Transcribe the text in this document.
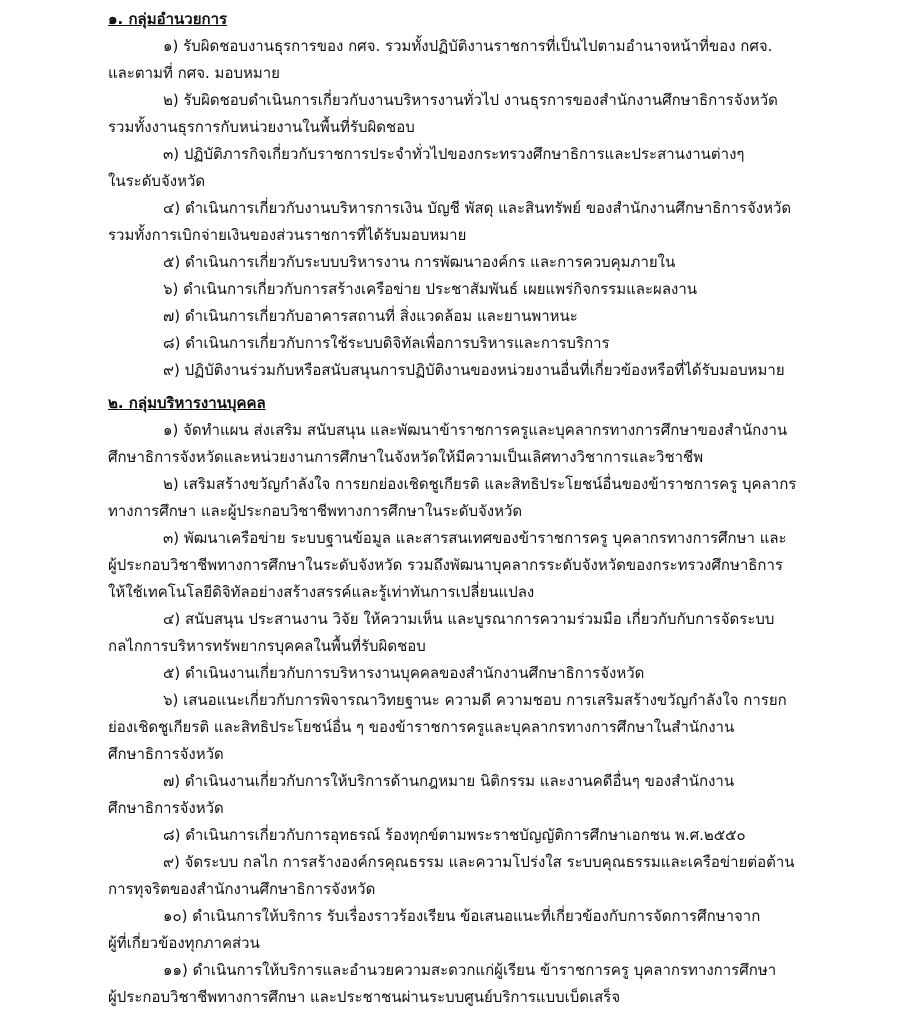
๑. กลุ่มอำนวยการ

๑) รับผิดชอบงานธุรการของ กศจ. รวมทั้งปฏิบัติงานราชการที่เป็นไปตามอำนาจหน้าที่ของ กศจ.
และตามที่ กศจ. มอบหมาย

๒) รับผิดชอบดำเนินการเกี่ยวกับงานบริหารงานทั่วไป งานธุรการของสำนักงานศึกษาธิการจังหวัด
รวมทั้งงานธุรการกับหน่วยงานในพื้นที่รับผิดชอบ

๓) ปฏิบัติภารกิจเกี่ยวกับราชการประจำทั่วไปของกระทรวงศึกษาธิการและประสานงานต่างๆ
ในระดับจังหวัด

๔) ดำเนินการเกี่ยวกับงานบริหารการเงิน บัญชี พัสดุ และสินทรัพย์ ของสำนักงานศึกษาธิการจังหวัด
รวมทั้งการเบิกจ่ายเงินของส่วนราชการที่ได้รับมอบหมาย

๕) ดำเนินการเกี่ยวกับระบบบริหารงาน การพัฒนาองค์กร และการควบคุมภายใน

๖) ดำเนินการเกี่ยวกับการสร้างเครือข่าย ประชาสัมพันธ์ เผยแพร่กิจกรรมและผลงาน

๗) ดำเนินการเกี่ยวกับอาคารสถานที่ สิ่งแวดล้อม และยานพาหนะ

๘) ดำเนินการเกี่ยวกับการใช้ระบบดิจิทัลเพื่อการบริหารและการบริการ

๙) ปฏิบัติงานร่วมกับหรือสนับสนุนการปฏิบัติงานของหน่วยงานอื่นที่เกี่ยวข้องหรือที่ได้รับมอบหมาย

๒. กลุ่มบริหารงานบุคคล

๑) จัดทำแผน ส่งเสริม สนับสนุน และพัฒนาข้าราชการครูและบุคลากรทางการศึกษาของสำนักงาน
ศึกษาธิการจังหวัดและหน่วยงานการศึกษาในจังหวัดให้มีความเป็นเลิศทางวิชาการและวิชาชีพ

๒) เสริมสร้างขวัญกำลังใจ การยกย่องเชิดชูเกียรติ และสิทธิประโยชน์อื่นของข้าราชการครู บุคลากร
ทางการศึกษา และผู้ประกอบวิชาชีพทางการศึกษาในระดับจังหวัด

๓) พัฒนาเครือข่าย ระบบฐานข้อมูล และสารสนเทศของข้าราชการครู บุคลากรทางการศึกษา และ
ผู้ประกอบวิชาชีพทางการศึกษาในระดับจังหวัด รวมถึงพัฒนาบุคลากรระดับจังหวัดของกระทรวงศึกษาธิการ
ให้ใช้เทคโนโลยีดิจิทัลอย่างสร้างสรรค์และรู้เท่าทันการเปลี่ยนแปลง

๔) สนับสนุน ประสานงาน วิจัย ให้ความเห็น และบูรณาการความร่วมมือ เกี่ยวกับกับการจัดระบบ
กลไกการบริหารทรัพยากรบุคคลในพื้นที่รับผิดชอบ

๕) ดำเนินงานเกี่ยวกับการบริหารงานบุคคลของสำนักงานศึกษาธิการจังหวัด

๖) เสนอแนะเกี่ยวกับการพิจารณาวิทยฐานะ ความดี ความชอบ การเสริมสร้างขวัญกำลังใจ การยก
ย่องเชิดชูเกียรติ และสิทธิประโยชน์อื่น ๆ ของข้าราชการครูและบุคลากรทางการศึกษาในสำนักงาน
ศึกษาธิการจังหวัด

๗) ดำเนินงานเกี่ยวกับการให้บริการด้านกฎหมาย นิติกรรม และงานคดีอื่นๆ ของสำนักงาน
ศึกษาธิการจังหวัด

๘) ดำเนินการเกี่ยวกับการอุทธรณ์ ร้องทุกข์ตามพระราชบัญญัติการศึกษาเอกชน พ.ศ.๒๕๕๐

๙) จัดระบบ กลไก การสร้างองค์กรคุณธรรม และความโปร่งใส ระบบคุณธรรมและเครือข่ายต่อต้าน
การทุจริตของสำนักงานศึกษาธิการจังหวัด

๑๐) ดำเนินการให้บริการ รับเรื่องราวร้องเรียน ข้อเสนอแนะที่เกี่ยวข้องกับการจัดการศึกษาจาก
ผู้ที่เกี่ยวข้องทุกภาคส่วน

๑๑) ดำเนินการให้บริการและอำนวยความสะดวกแก่ผู้เรียน ข้าราชการครู บุคลากรทางการศึกษา
ผู้ประกอบวิชาชีพทางการศึกษา และประชาชนผ่านระบบศูนย์บริการแบบเบ็ดเสร็จ
